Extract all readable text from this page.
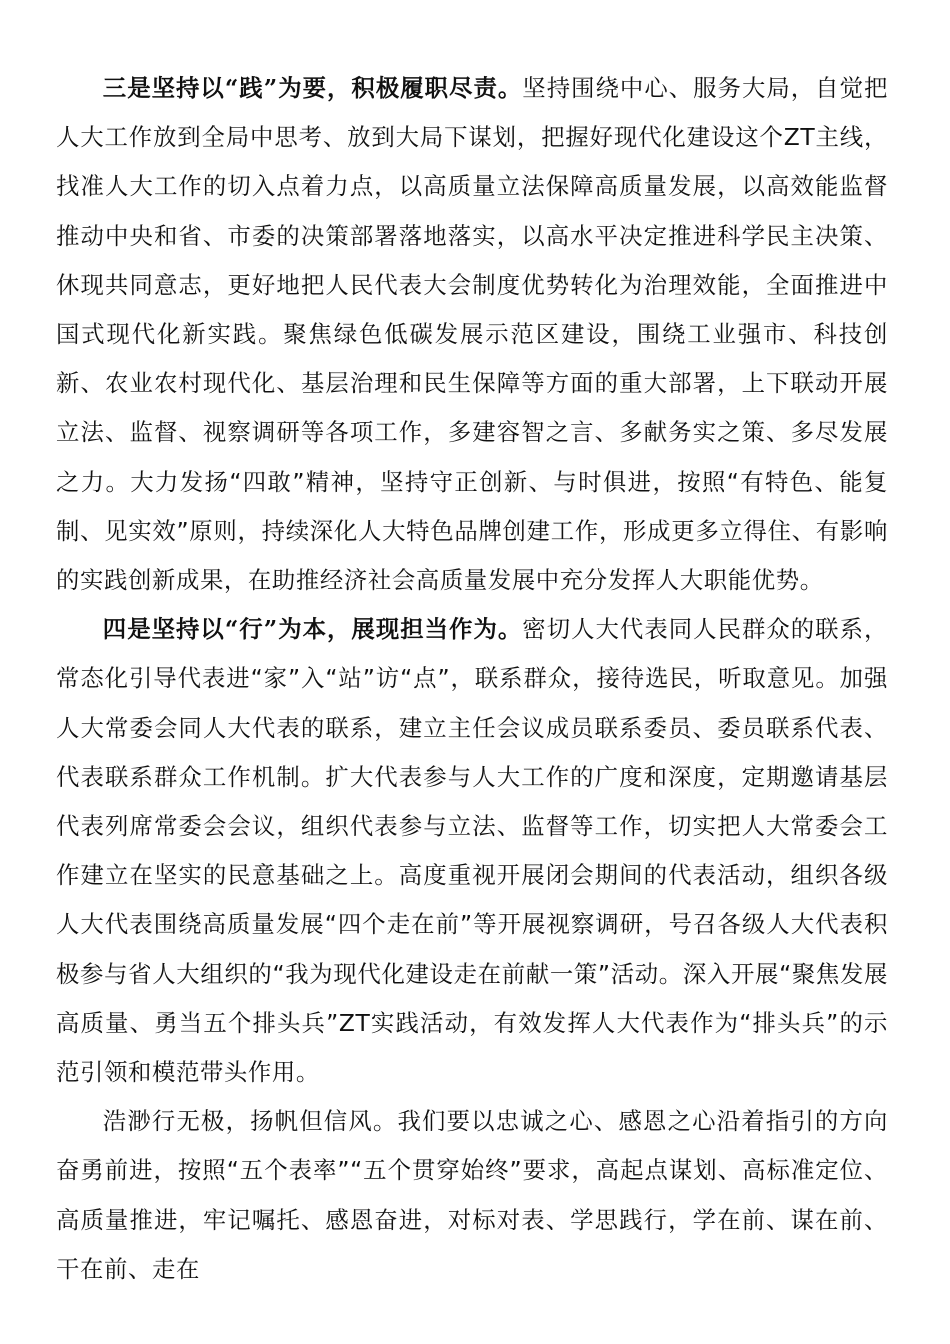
三是坚持以“践”为要，积极履职尽责。坚持围绕中心、服务大局，自觉把人大工作放到全局中思考、放到大局下谋划，把握好现代化建设这个ZT主线，找准人大工作的切入点着力点，以高质量立法保障高质量发展，以高效能监督推动中央和省、市委的决策部署落地落实，以高水平决定推进科学民主决策、休现共同意志，更好地把人民代表大会制度优势转化为治理效能，全面推进中国式现代化新实践。聚焦绿色低碳发展示范区建设，围绕工业强市、科技创新、农业农村现代化、基层治理和民生保障等方面的重大部署，上下联动开展立法、监督、视察调研等各项工作，多建容智之言、多献务实之策、多尽发展之力。大力发扬“四敢”精神，坚持守正创新、与时俱进，按照“有特色、能复制、见实效”原则，持续深化人大特色品牌创建工作，形成更多立得住、有影响的实践创新成果，在助推经济社会高质量发展中充分发挥人大职能优势。

四是坚持以“行”为本，展现担当作为。密切人大代表同人民群众的联系，常态化引导代表进“家”入“站”访“点”，联系群众，接待选民，听取意见。加强人大常委会同人大代表的联系，建立主任会议成员联系委员、委员联系代表、代表联系群众工作机制。扩大代表参与人大工作的广度和深度，定期邀请基层代表列席常委会会议，组织代表参与立法、监督等工作，切实把人大常委会工作建立在坚实的民意基础之上。高度重视开展闭会期间的代表活动，组织各级人大代表围绕高质量发展“四个走在前”等开展视察调研，号召各级人大代表积极参与省人大组织的“我为现代化建设走在前献一策”活动。深入开展“聚焦发展高质量、勇当五个排头兵”ZT实践活动，有效发挥人大代表作为“排头兵”的示范引领和模范带头作用。

浩渺行无极，扬帆但信风。我们要以忠诚之心、感恩之心沿着指引的方向奋勇前进，按照“五个表率”“五个贯穿始终”要求，高起点谋划、高标准定位、高质量推进，牢记嘱托、感恩奋进，对标对表、学思践行，学在前、谋在前、干在前、走在
